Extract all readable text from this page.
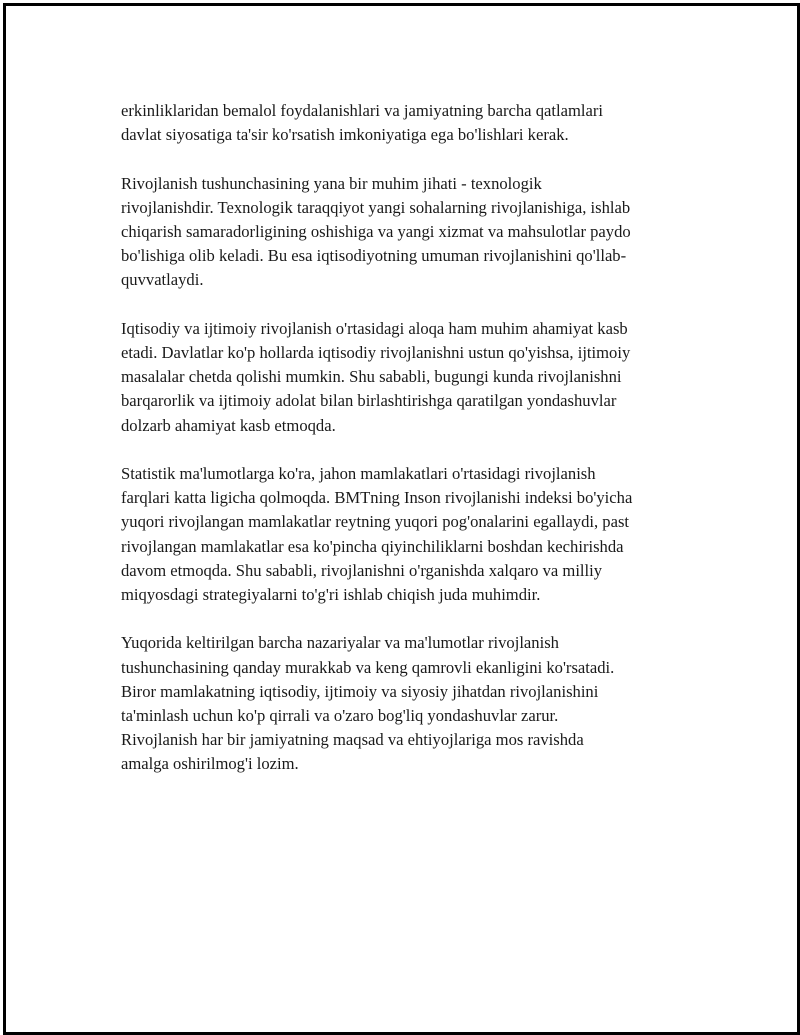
erkinliklaridan bemalol foydalanishlari va jamiyatning barcha qatlamlari
davlat siyosatiga ta'sir ko'rsatish imkoniyatiga ega bo'lishlari kerak.

Rivojlanish tushunchasining yana bir muhim jihati - texnologik
rivojlanishdir. Texnologik taraqqiyot yangi sohalarning rivojlanishiga, ishlab
chiqarish samaradorligining oshishiga va yangi xizmat va mahsulotlar paydo
bo'lishiga olib keladi. Bu esa iqtisodiyotning umuman rivojlanishini qo'llab-
quvvatlaydi.

Iqtisodiy va ijtimoiy rivojlanish o'rtasidagi aloqa ham muhim ahamiyat kasb
etadi. Davlatlar ko'p hollarda iqtisodiy rivojlanishni ustun qo'yishsa, ijtimoiy
masalalar chetda qolishi mumkin. Shu sababli, bugungi kunda rivojlanishni
barqarorlik va ijtimoiy adolat bilan birlashtirishga qaratilgan yondashuvlar
dolzarb ahamiyat kasb etmoqda.

Statistik ma'lumotlarga ko'ra, jahon mamlakatlari o'rtasidagi rivojlanish
farqlari katta ligicha qolmoqda. BMTning Inson rivojlanishi indeksi bo'yicha
yuqori rivojlangan mamlakatlar reytning yuqori pog'onalarini egallaydi, past
rivojlangan mamlakatlar esa ko'pincha qiyinchiliklarni boshdan kechirishda
davom etmoqda. Shu sababli, rivojlanishni o'rganishda xalqaro va milliy
miqyosdagi strategiyalarni to'g'ri ishlab chiqish juda muhimdir.

Yuqorida keltirilgan barcha nazariyalar va ma'lumotlar rivojlanish
tushunchasining qanday murakkab va keng qamrovli ekanligini ko'rsatadi.
Biror mamlakatning iqtisodiy, ijtimoiy va siyosiy jihatdan rivojlanishini
ta'minlash uchun ko'p qirrali va o'zaro bog'liq yondashuvlar zarur.
Rivojlanish har bir jamiyatning maqsad va ehtiyojlariga mos ravishda
amalga oshirilmog'i lozim.
